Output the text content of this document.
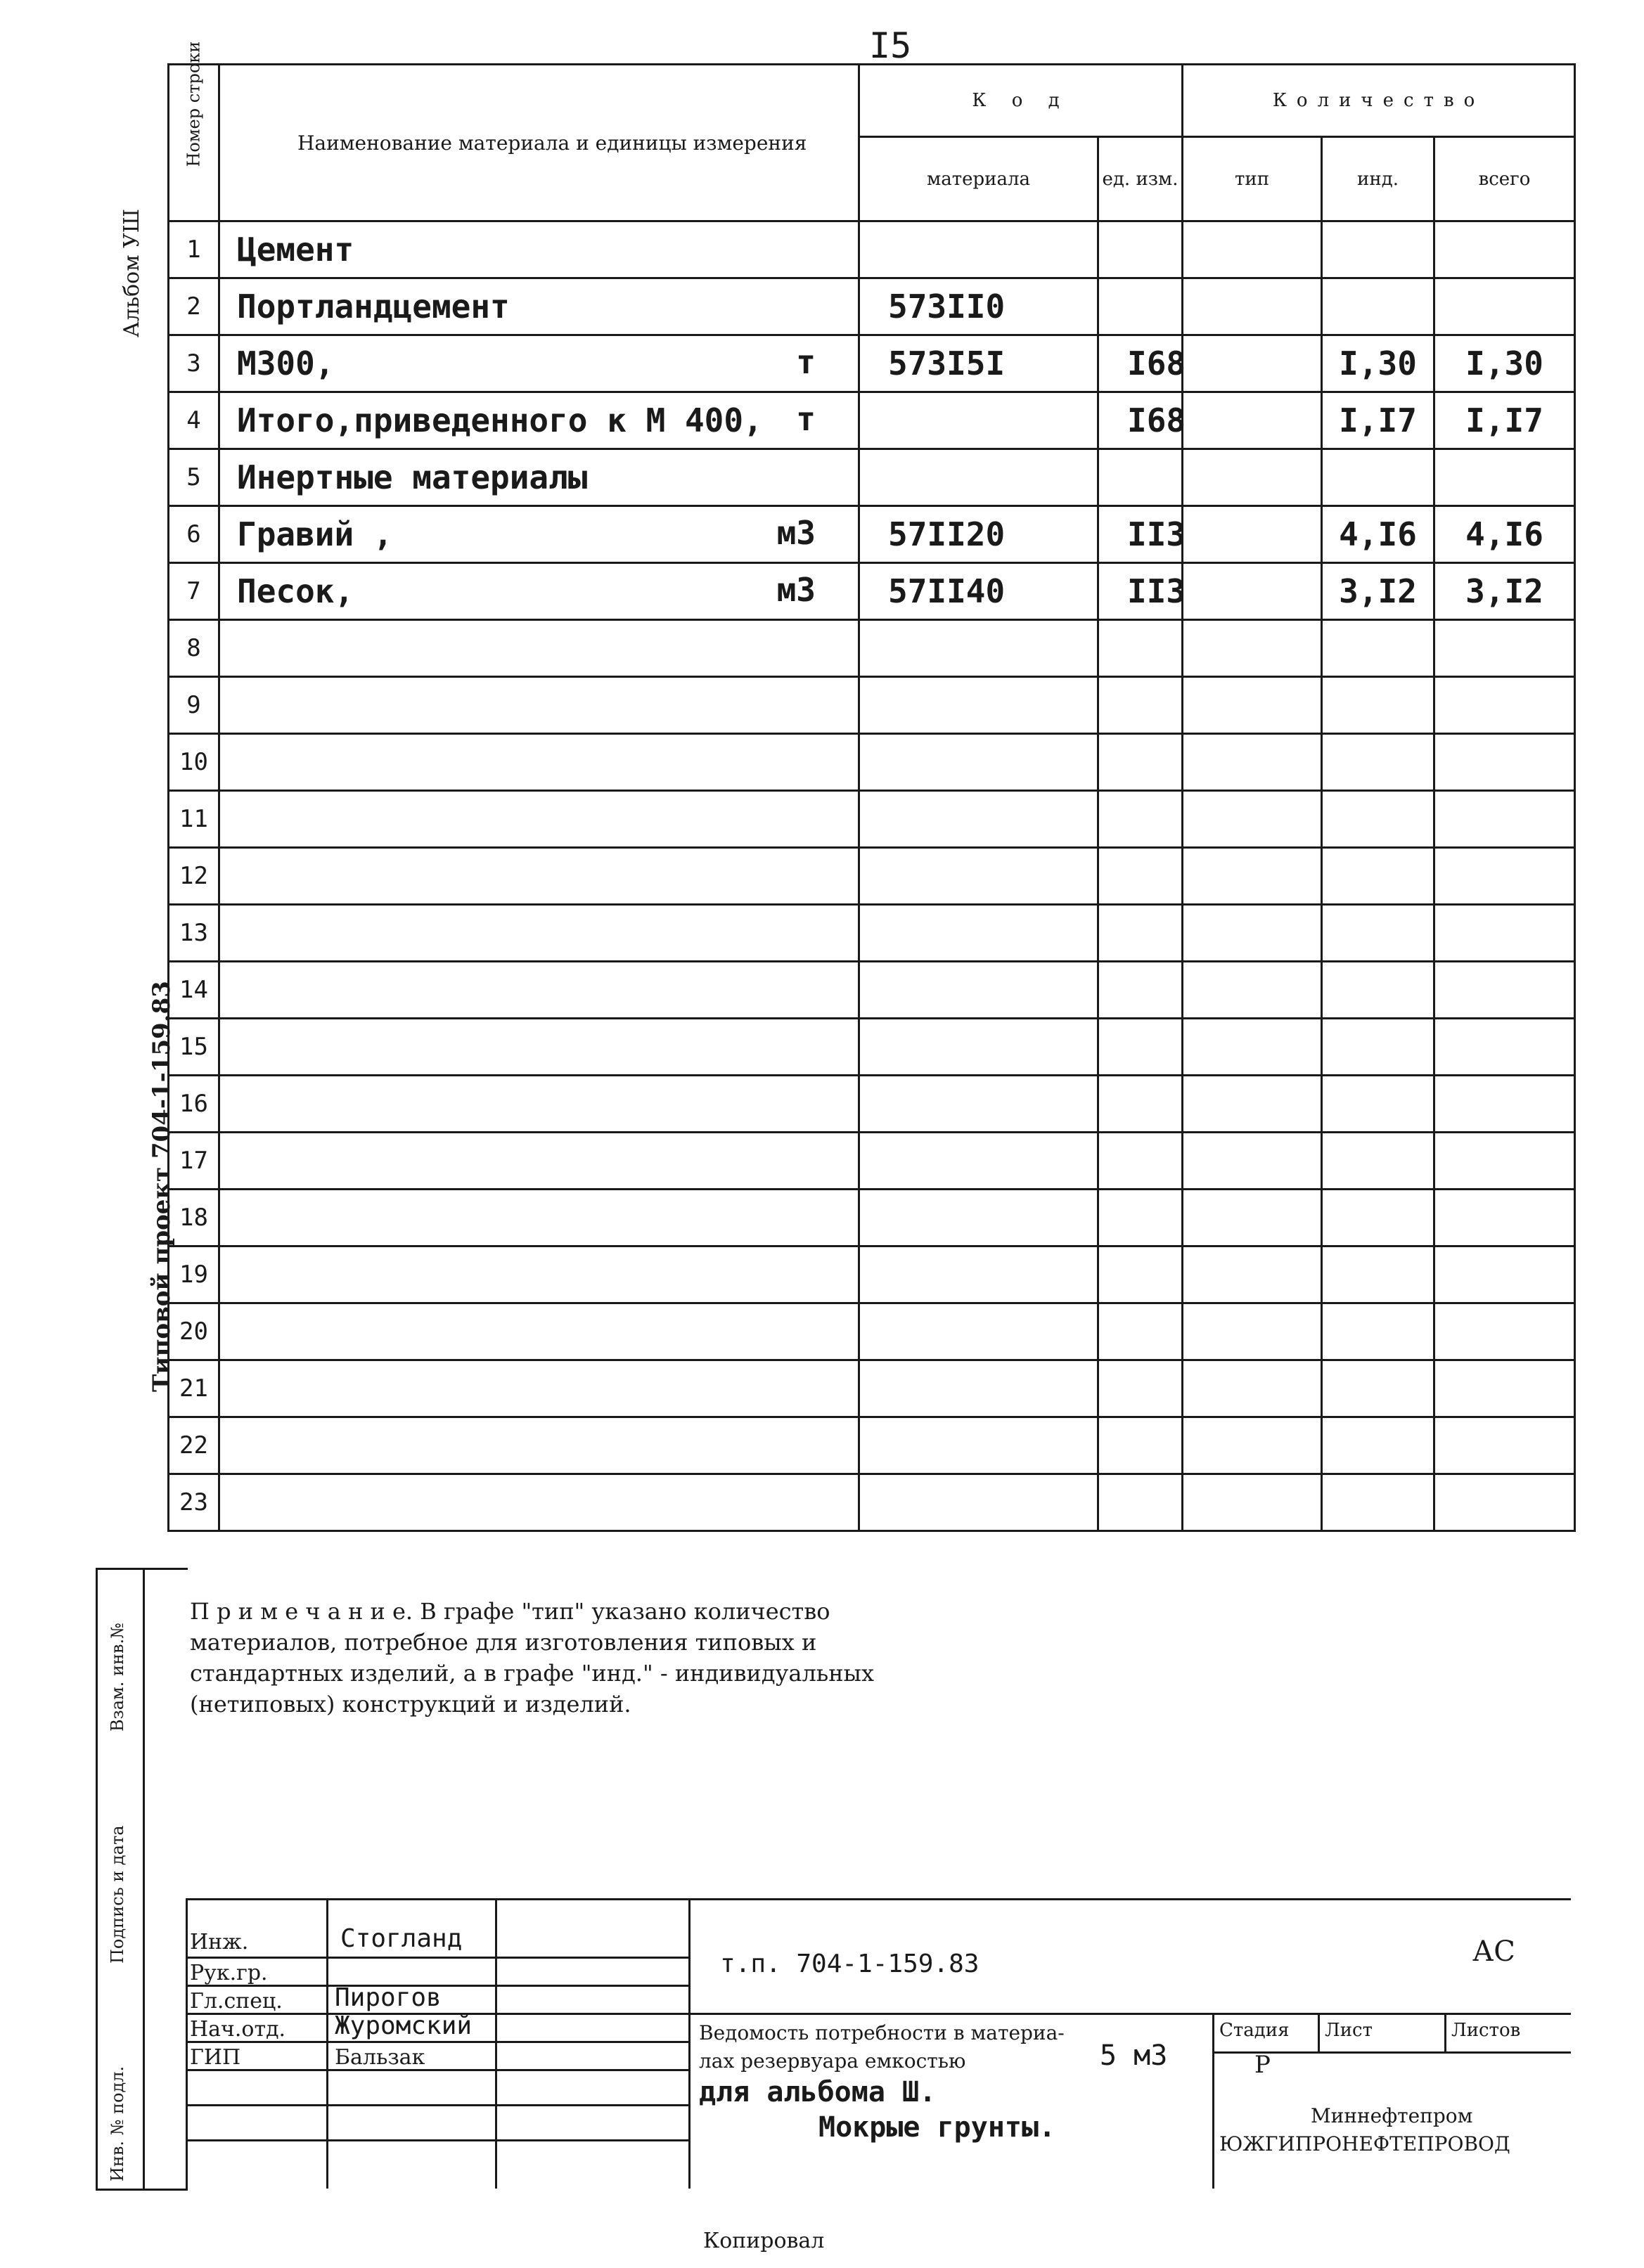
I5
Альбом УШ
Типовой проект 704-1-159.83
Номер строки	Наименование материала и единицы измерения	К о д		Количество		
		материала	ед. изм.	тип	инд.	всего
1	Цемент

2	Портландцемент	573II0				
3	М300, т	573I5I	I68		I,30	I,30
4	Итого,приведенного к М 400, т		I68		I,I7	I,I7
5	Инертные материалы

6	Гравий , м3	57II20	II3		4,I6	4,I6
7	Песок, м3	57II40	II3		3,I2	3,I2
8	

9	

10	

11	

12	

13	

14	

15	

16	

17	

18	

19	

20	

21	

22	

23	

П р и м е ч а н и е. В графе "тип" указано количество материалов, потребное для изготовления типовых и стандартных изделий, а в графе "инд." - индивидуальных (нетиповых) конструкций и изделий.
Инв. № подл.
Подпись и дата
Взам. инв.№
Инж.	Стогланд
Рук.гр.
Гл.спец. Пирогов
Нач.отд. Журомский
ГИП	Бальзак
т.п. 704-1-159.83	АС
Ведомость потребности в материа-
лах резервуара емкостью	5 м3
для альбома Ш.
Мокрые грунты.
Стадия Лист	Листов
Р
Миннефтепром
ЮЖГИПРОНЕФТЕПРОВОД
Копировал
